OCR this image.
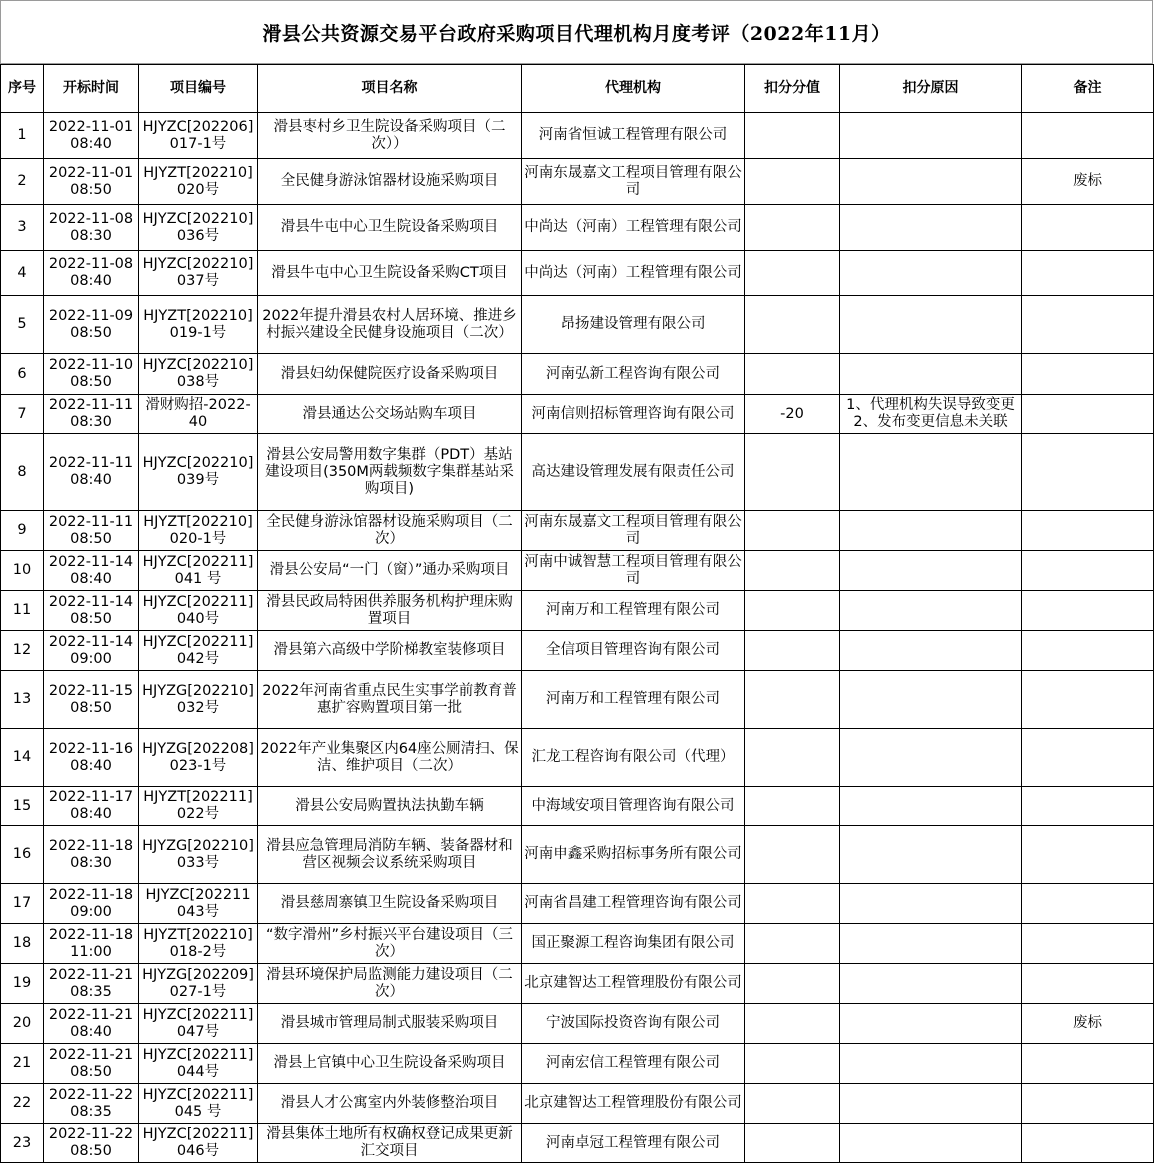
滑县公共资源交易平台政府采购项目代理机构月度考评（2022年11月）
序号	开标时间	项目编号	项目名称	代理机构	扣分分值	扣分原因	备注
1	2022-11-01 08:40	HJYZC[202206]017-1号	滑县枣村乡卫生院设备采购项目（二次））	河南省恒诚工程管理有限公司			
2	2022-11-01 08:50	HJYZT[202210]020号	全民健身游泳馆器材设施采购项目	河南东晟嘉文工程项目管理有限公司			废标
3	2022-11-08 08:30	HJYZC[202210]036号	滑县牛屯中心卫生院设备采购项目	中尚达（河南）工程管理有限公司			
4	2022-11-08 08:40	HJYZC[202210]037号	滑县牛屯中心卫生院设备采购CT项目	中尚达（河南）工程管理有限公司			
5	2022-11-09 08:50	HJYZT[202210]019-1号	2022年提升滑县农村人居环境、推进乡村振兴建设全民健身设施项目（二次）	昂扬建设管理有限公司			
6	2022-11-10 08:50	HJYZC[202210]038号	滑县妇幼保健院医疗设备采购项目	河南弘新工程咨询有限公司			
7	2022-11-11 08:30	滑财购招-2022-40	滑县通达公交场站购车项目	河南信则招标管理咨询有限公司	-20	1、代理机构失误导致变更
2、发布变更信息未关联	

8	2022-11-11 08:40	HJYZC[202210]039号	滑县公安局警用数字集群（PDT）基站建设项目(350M两载频数字集群基站采购项目)	高达建设管理发展有限责任公司			
9	2022-11-11 08:50	HJYZT[202210]020-1号	全民健身游泳馆器材设施采购项目（二次）	河南东晟嘉文工程项目管理有限公司			
10	2022-11-14 08:40	HJYZC[202211]041 号	滑县公安局“一门（窗）”通办采购项目	河南中诚智慧工程项目管理有限公司			
11	2022-11-14 08:50	HJYZC[202211]040号	滑县民政局特困供养服务机构护理床购置项目	河南万和工程管理有限公司			
12	2022-11-14 09:00	HJYZC[202211]042号	滑县第六高级中学阶梯教室装修项目	全信项目管理咨询有限公司			
13	2022-11-15 08:50	HJYZG[202210]032号	2022年河南省重点民生实事学前教育普惠扩容购置项目第一批	河南万和工程管理有限公司			
14	2022-11-16 08:40	HJYZG[202208]023-1号	2022年产业集聚区内64座公厕清扫、保洁、维护项目（二次）	汇龙工程咨询有限公司（代理）			
15	2022-11-17 08:40	HJYZT[202211]022号	滑县公安局购置执法执勤车辆	中海域安项目管理咨询有限公司			
16	2022-11-18 08:30	HJYZG[202210]033号	滑县应急管理局消防车辆、装备器材和营区视频会议系统采购项目	河南申鑫采购招标事务所有限公司			
17	2022-11-18 09:00	HJYZC[202211 043号	滑县慈周寨镇卫生院设备采购项目	河南省昌建工程管理咨询有限公司			
18	2022-11-18 11:00	HJYZT[202210]018-2号	“数字滑州”乡村振兴平台建设项目（三次）	国正聚源工程咨询集团有限公司			
19	2022-11-21 08:35	HJYZG[202209]027-1号	滑县环境保护局监测能力建设项目（二次）	北京建智达工程管理股份有限公司			
20	2022-11-21 08:40	HJYZC[202211]047号	滑县城市管理局制式服装采购项目	宁波国际投资咨询有限公司			废标
21	2022-11-21 08:50	HJYZC[202211]044号	滑县上官镇中心卫生院设备采购项目	河南宏信工程管理有限公司			
22	2022-11-22 08:35	HJYZC[202211]045 号	滑县人才公寓室内外装修整治项目	北京建智达工程管理股份有限公司			
23	2022-11-22 08:50	HJYZC[202211]046号	滑县集体土地所有权确权登记成果更新汇交项目	河南卓冠工程管理有限公司			
